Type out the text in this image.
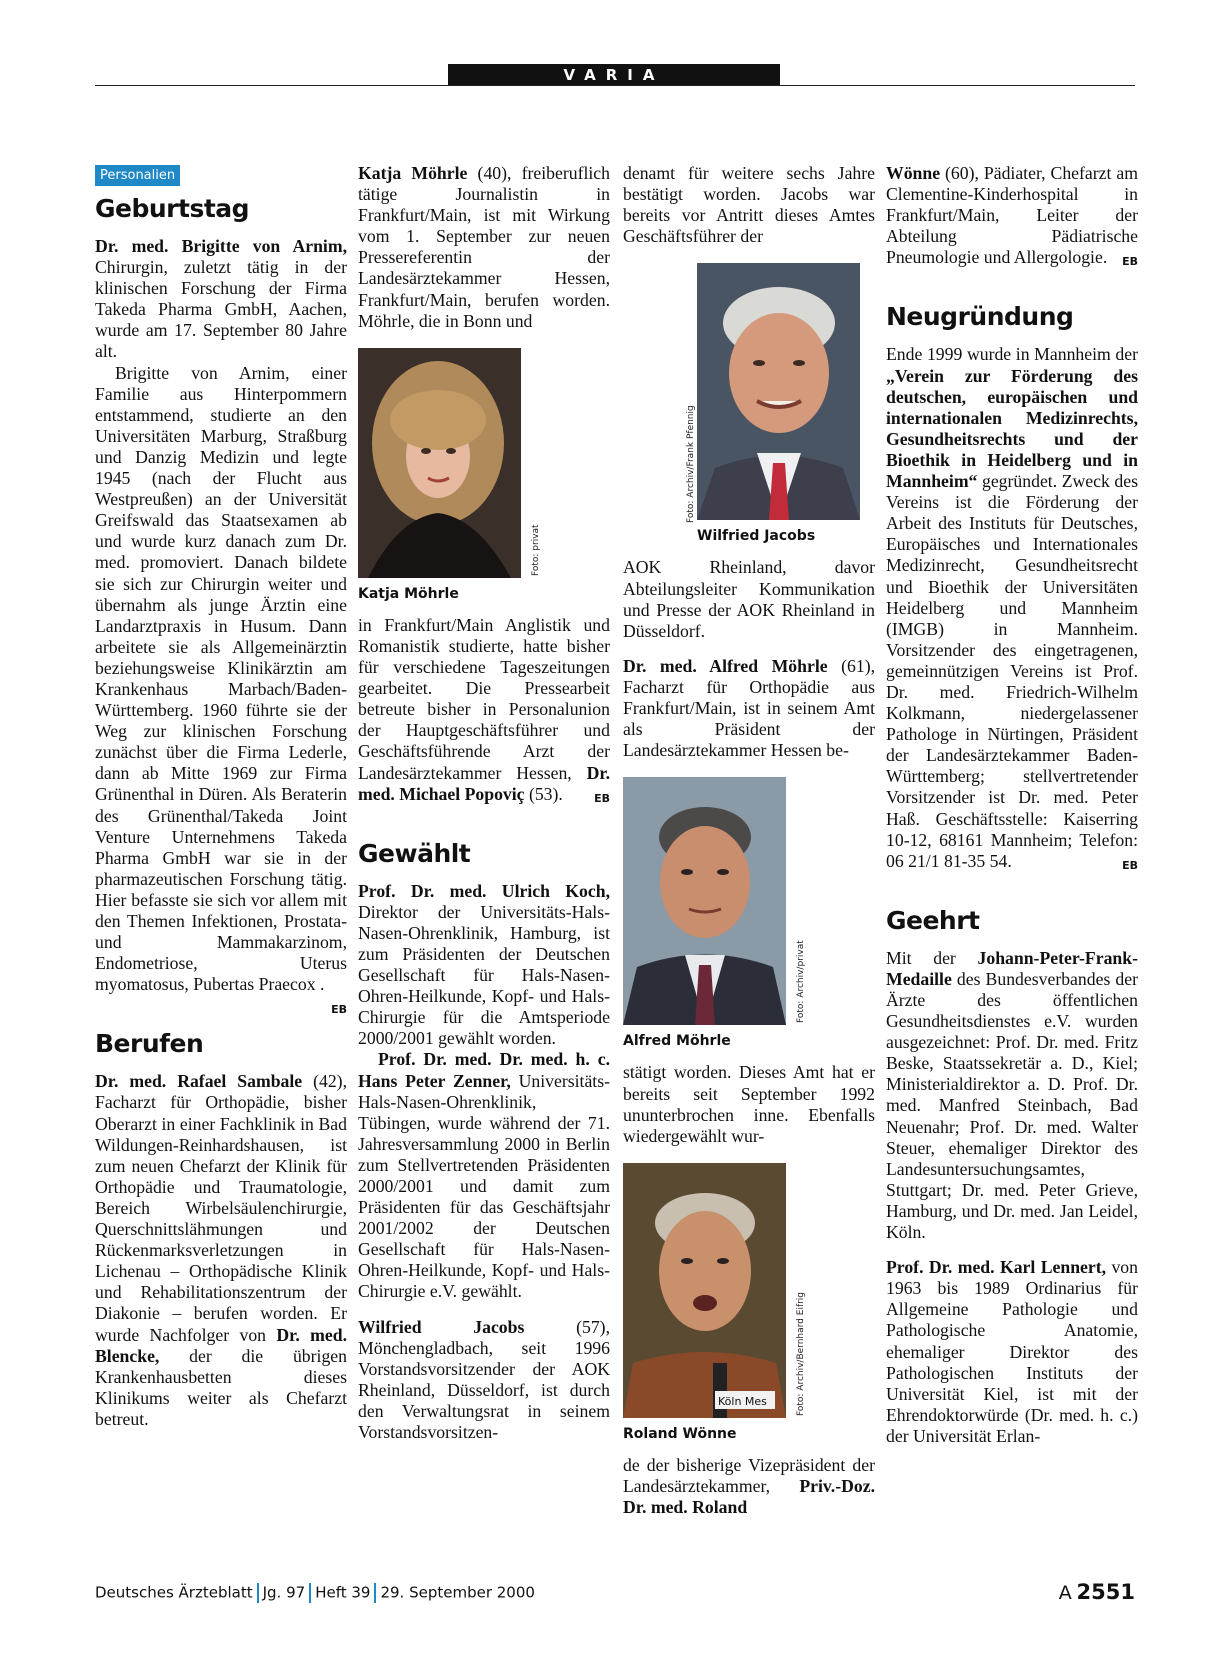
VARIA
Personalien
Geburtstag

Dr. med. Brigitte von Arnim, Chirurgin, zuletzt tätig in der klinischen Forschung der Firma Takeda Pharma GmbH, Aachen, wurde am 17. September 80 Jahre alt.

Brigitte von Arnim, einer Familie aus Hinterpommern entstammend, studierte an den Universitäten Marburg, Straßburg und Danzig Medizin und legte 1945 (nach der Flucht aus Westpreußen) an der Universität Greifswald das Staatsexamen ab und wurde kurz danach zum Dr. med. promoviert. Danach bildete sie sich zur Chirurgin weiter und übernahm als junge Ärztin eine Landarztpraxis in Husum. Dann arbeitete sie als Allgemeinärztin beziehungsweise Klinikärztin am Krankenhaus Marbach/Baden-Württemberg. 1960 führte sie der Weg zur klinischen Forschung zunächst über die Firma Lederle, dann ab Mitte 1969 zur Firma Grünenthal in Düren. Als Beraterin des Grünenthal/Takeda Joint Venture Unternehmens Takeda Pharma GmbH war sie in der pharmazeutischen Forschung tätig. Hier befasste sie sich vor allem mit den Themen Infektionen, Prostata- und Mammakarzinom, Endometriose, Uterus myomatosus, Pubertas Praecox .
EB

Berufen

Dr. med. Rafael Sambale (42), Facharzt für Orthopädie, bisher Oberarzt in einer Fachklinik in Bad Wildungen-Reinhardshausen, ist zum neuen Chefarzt der Klinik für Orthopädie und Traumatologie, Bereich Wirbelsäulenchirurgie, Querschnittslähmungen und Rückenmarksverletzungen in Lichenau – Orthopädische Klinik und Rehabilitationszentrum der Diakonie – berufen worden. Er wurde Nachfolger von Dr. med. Blencke, der die übrigen Krankenhausbetten dieses Klinikums weiter als Chefarzt betreut.

Katja Möhrle (40), freiberuflich tätige Journalistin in Frankfurt/Main, ist mit Wirkung vom 1. September zur neuen Pressereferentin der Landesärztekammer Hessen, Frankfurt/Main, berufen worden. Möhrle, die in Bonn und

Foto: privat
Katja Möhrle

in Frankfurt/Main Anglistik und Romanistik studierte, hatte bisher für verschiedene Tageszeitungen gearbeitet. Die Pressearbeit betreute bisher in Personalunion der Hauptgeschäftsführer und Geschäftsführende Arzt der Landesärztekammer Hessen, Dr. med. Michael Popoviç (53).	EB

Gewählt

Prof. Dr. med. Ulrich Koch, Direktor der Universitäts-Hals-Nasen-Ohrenklinik, Hamburg, ist zum Präsidenten der Deutschen Gesellschaft für Hals-Nasen-Ohren-Heilkunde, Kopf- und Hals-Chirurgie für die Amtsperiode 2000/2001 gewählt worden.

Prof. Dr. med. Dr. med. h. c. Hans Peter Zenner, Universitäts-Hals-Nasen-Ohrenklinik, Tübingen, wurde während der 71. Jahresversammlung 2000 in Berlin zum Stellvertretenden Präsidenten 2000/2001 und damit zum Präsidenten für das Geschäftsjahr 2001/2002 der Deutschen Gesellschaft für Hals-Nasen-Ohren-Heilkunde, Kopf- und Hals-Chirurgie e.V. gewählt.

Wilfried Jacobs (57), Mönchengladbach, seit 1996 Vorstandsvorsitzender der AOK Rheinland, Düsseldorf, ist durch den Verwaltungsrat in seinem Vorstandsvorsitzen-

denamt für weitere sechs Jahre bestätigt worden. Jacobs war bereits vor Antritt dieses Amtes Geschäftsführer der

Foto: Archiv/Frank Pfennig
Wilfried Jacobs

AOK Rheinland, davor Abteilungsleiter Kommunikation und Presse der AOK Rheinland in Düsseldorf.

Dr. med. Alfred Möhrle (61), Facharzt für Orthopädie aus Frankfurt/Main, ist in seinem Amt als Präsident der Landesärztekammer Hessen be-

Foto: Archiv/privat
Alfred Möhrle

stätigt worden. Dieses Amt hat er bereits seit September 1992 ununterbrochen inne. Ebenfalls wiedergewählt wur-

Köln Mes	Foto: Archiv/Bernhard Eifrig
Roland Wönne

de der bisherige Vizepräsident der Landesärztekammer, Priv.-Doz. Dr. med. Roland

Wönne (60), Pädiater, Chefarzt am Clementine-Kinderhospital in Frankfurt/Main, Leiter der Abteilung Pädiatrische Pneumologie und Allergologie. EB

Neugründung

Ende 1999 wurde in Mannheim der „Verein zur Förderung des deutschen, europäischen und internationalen Medizinrechts, Gesundheitsrechts und der Bioethik in Heidelberg und in Mannheim“ gegründet. Zweck des Vereins ist die Förderung der Arbeit des Instituts für Deutsches, Europäisches und Internationales Medizinrecht, Gesundheitsrecht und Bioethik der Universitäten Heidelberg und Mannheim (IMGB) in Mannheim. Vorsitzender des eingetragenen, gemeinnützigen Vereins ist Prof. Dr. med. Friedrich-Wilhelm Kolkmann, niedergelassener Pathologe in Nürtingen, Präsident der Landesärztekammer Baden-Württemberg; stellvertretender Vorsitzender ist Dr. med. Peter Haß. Geschäftsstelle: Kaiserring 10-12, 68161 Mannheim; Telefon: 06 21/1 81-35 54.	EB

Geehrt

Mit der Johann-Peter-Frank-Medaille des Bundesverbandes der Ärzte des öffentlichen Gesundheitsdienstes e.V. wurden ausgezeichnet: Prof. Dr. med. Fritz Beske, Staatssekretär a. D., Kiel; Ministerialdirektor a. D. Prof. Dr. med. Manfred Steinbach, Bad Neuenahr; Prof. Dr. med. Walter Steuer, ehemaliger Direktor des Landesuntersuchungsamtes, Stuttgart; Dr. med. Peter Grieve, Hamburg, und Dr. med. Jan Leidel, Köln.

Prof. Dr. med. Karl Lennert, von 1963 bis 1989 Ordinarius für Allgemeine Pathologie und Pathologische Anatomie, ehemaliger Direktor des Pathologischen Instituts der Universität Kiel, ist mit der Ehrendoktorwürde (Dr. med. h. c.) der Universität Erlan-

Deutsches Ärzteblatt Jg. 97 Heft 39 29. September 2000	A 2551
